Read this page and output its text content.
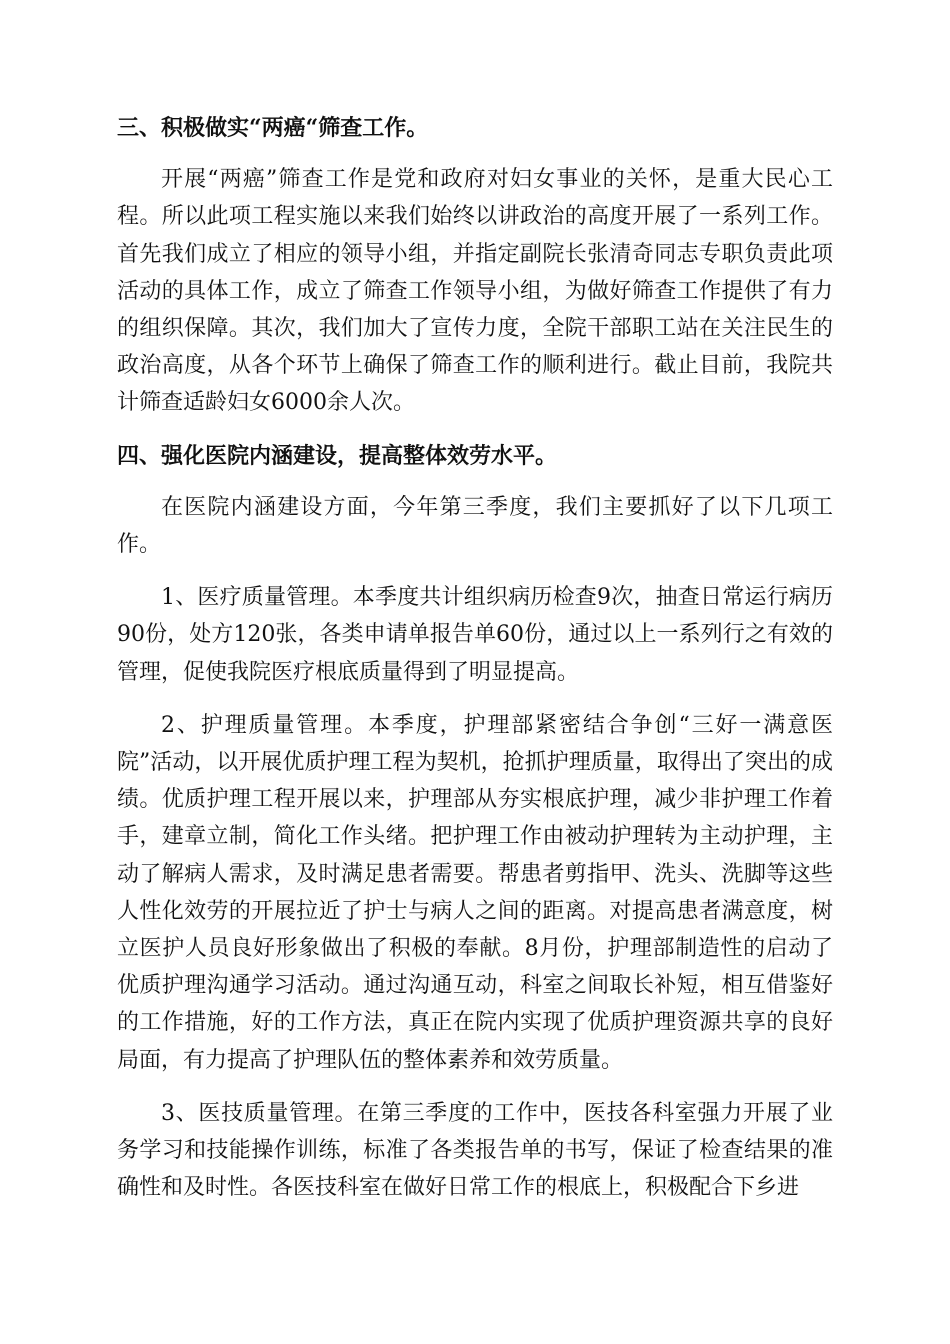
三、积极做实“两癌“筛查工作。

开展“两癌”筛查工作是党和政府对妇女事业的关怀，是重大民心工程。所以此项工程实施以来我们始终以讲政治的高度开展了一系列工作。首先我们成立了相应的领导小组，并指定副院长张清奇同志专职负责此项活动的具体工作，成立了筛查工作领导小组，为做好筛查工作提供了有力的组织保障。其次，我们加大了宣传力度，全院干部职工站在关注民生的政治高度，从各个环节上确保了筛查工作的顺利进行。截止目前，我院共计筛查适龄妇女6000余人次。

四、强化医院内涵建设，提高整体效劳水平。

在医院内涵建设方面，今年第三季度，我们主要抓好了以下几项工作。

1、医疗质量管理。本季度共计组织病历检查9次，抽查日常运行病历90份，处方120张，各类申请单报告单60份，通过以上一系列行之有效的管理，促使我院医疗根底质量得到了明显提高。

2、护理质量管理。本季度，护理部紧密结合争创“三好一满意医院”活动，以开展优质护理工程为契机，抢抓护理质量，取得出了突出的成绩。优质护理工程开展以来，护理部从夯实根底护理，减少非护理工作着手，建章立制，简化工作头绪。把护理工作由被动护理转为主动护理，主动了解病人需求，及时满足患者需要。帮患者剪指甲、洗头、洗脚等这些人性化效劳的开展拉近了护士与病人之间的距离。对提高患者满意度，树立医护人员良好形象做出了积极的奉献。8月份，护理部制造性的启动了优质护理沟通学习活动。通过沟通互动，科室之间取长补短，相互借鉴好的工作措施，好的工作方法，真正在院内实现了优质护理资源共享的良好局面，有力提高了护理队伍的整体素养和效劳质量。

3、医技质量管理。在第三季度的工作中，医技各科室强力开展了业务学习和技能操作训练，标准了各类报告单的书写，保证了检查结果的准确性和及时性。各医技科室在做好日常工作的根底上，积极配合下乡进
